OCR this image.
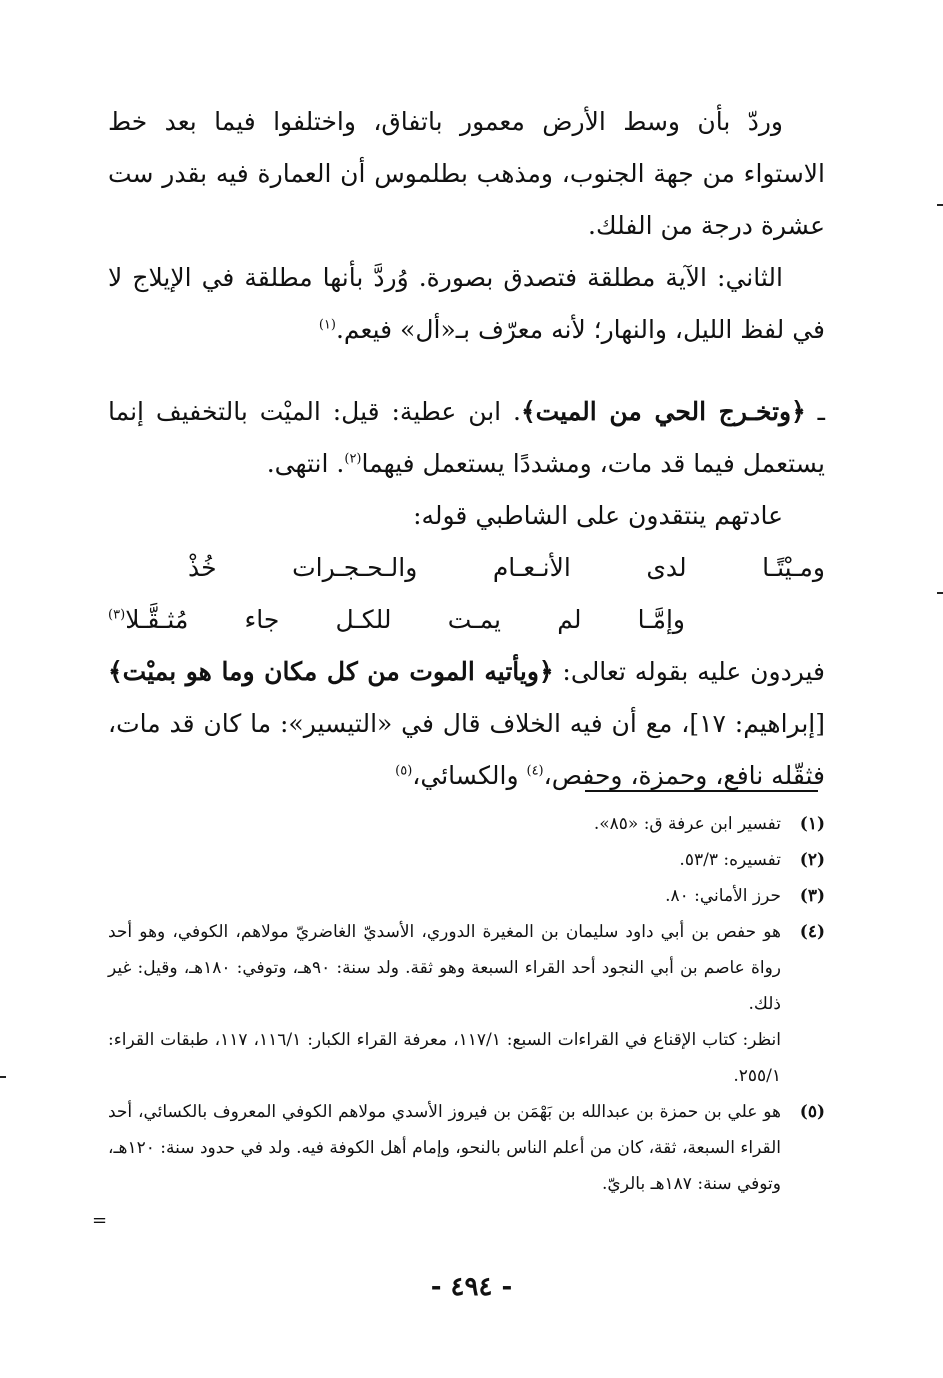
وردّ بأن وسط الأرض معمور باتفاق، واختلفوا فيما بعد خط الاستواء من جهة الجنوب، ومذهب بطلموس أن العمارة فيه بقدر ست عشرة درجة من الفلك.

الثاني: الآية مطلقة فتصدق بصورة. وُردَّ بأنها مطلقة في الإيلاج لا في لفظ الليل، والنهار؛ لأنه معرّف بـ«أل» فيعم.$^{(١)}$

ـ ﴿وتخـرج الحي من الميت﴾. ابن عطية: قيل: الميْت بالتخفيف إنما يستعمل فيما قد مات، ومشددًا يستعمل فيهما$^{(٢)}$. انتهى.

عادتهم ينتقدون على الشاطبي قوله:

ومـيْتًـا
لدى
الأنـعـام
والـحـجـرات
خُذْ
وإمَّـا
لم
يمـت
للكـل
جاء
مُثـقَّـلا$^{(٣)}$

فيردون عليه بقوله تعالى: ﴿ويأتيه الموت من كل مكان وما هو بميْت﴾ [إبراهيم: ١٧]، مع أن فيه الخلاف قال في «التيسير»: ما كان قد مات، فثقّله نافع، وحمزة، وحفص،$^{(٤)}$ والكسائي،$^{(٥)}$

(١)

تفسير ابن عرفة ق: «٨٥».

(٢)

تفسيره: ٥٣/٣.

(٣)

حرز الأماني: ٨٠.

(٤)

هو حفص بن أبي داود سليمان بن المغيرة الدوري، الأسديّ الغاضريّ مولاهم، الكوفي، وهو أحد رواة عاصم بن أبي النجود أحد القراء السبعة وهو ثقة. ولد سنة: ٩٠هـ، وتوفي: ١٨٠هـ، وقيل: غير ذلك.

انظر: كتاب الإقناع في القراءات السبع: ١١٧/١، معرفة القراء الكبار: ١١٦/١، ١١٧، طبقات القراء: ٢٥٥/١.

(٥)

هو علي بن حمزة بن عبدالله بن بَهْمَن بن فيروز الأسدي مولاهم الكوفي المعروف بالكسائي، أحد القراء السبعة، ثقة، كان من أعلم الناس بالنحو، وإمام أهل الكوفة فيه. ولد في حدود سنة: ١٢٠هـ، وتوفي سنة: ١٨٧هـ بالريّ.

=
- ٤٩٤ -
